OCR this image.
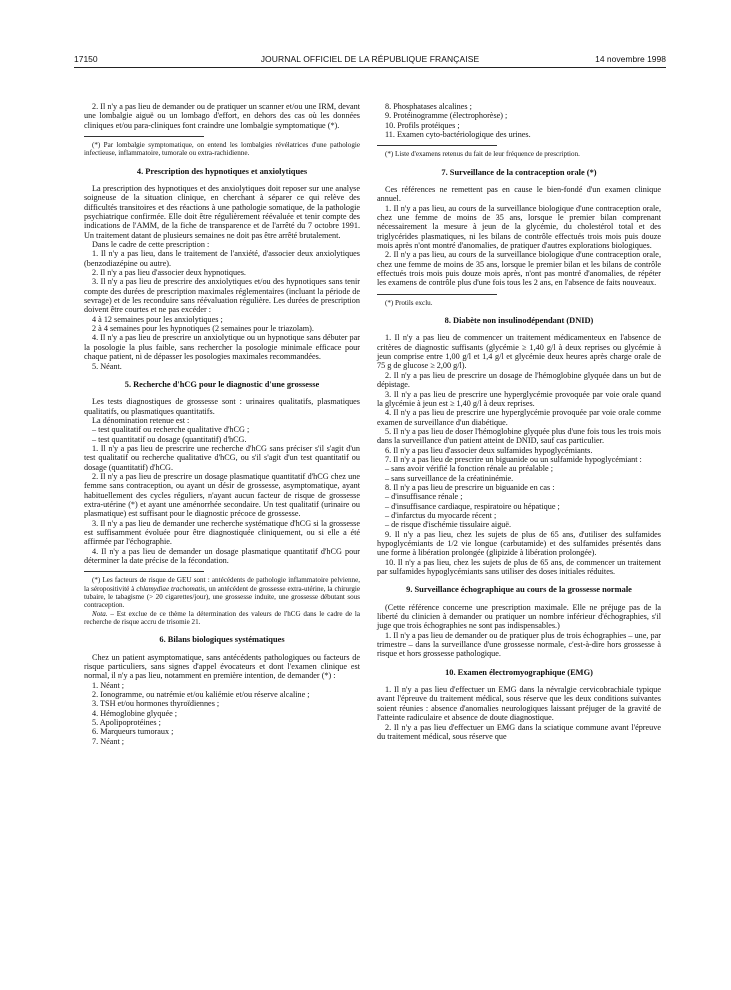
17150	JOURNAL OFFICIEL DE LA RÉPUBLIQUE FRANÇAISE	14 novembre 1998

2. Il n'y a pas lieu de demander ou de pratiquer un scanner et/ou une IRM, devant une lombalgie aiguë ou un lombago d'effort, en dehors des cas où les données cliniques et/ou para-cliniques font craindre une lombalgie symptomatique (*).

(*) Par lombalgie symptomatique, on entend les lombalgies révélatrices d'une pathologie infectieuse, inflammatoire, tumorale ou extra-rachidienne.

4. Prescription des hypnotiques et anxiolytiques

La prescription des hypnotiques et des anxiolytiques doit reposer sur une analyse soigneuse de la situation clinique, en cherchant à séparer ce qui relève des difficultés transitoires et des réactions à une pathologie somatique, de la pathologie psychiatrique confirmée. Elle doit être régulièrement réévaluée et tenir compte des indications de l'AMM, de la fiche de transparence et de l'arrêté du 7 octobre 1991. Un traitement datant de plusieurs semaines ne doit pas être arrêté brutalement.

Dans le cadre de cette prescription :

1. Il n'y a pas lieu, dans le traitement de l'anxiété, d'associer deux anxiolytiques (benzodiazépine ou autre).

2. Il n'y a pas lieu d'associer deux hypnotiques.

3. Il n'y a pas lieu de prescrire des anxiolytiques et/ou des hypnotiques sans tenir compte des durées de prescription maximales réglementaires (incluant la période de sevrage) et de les reconduire sans réévaluation régulière. Les durées de prescription doivent être courtes et ne pas excéder :

4 à 12 semaines pour les anxiolytiques ;

2 à 4 semaines pour les hypnotiques (2 semaines pour le triazolam).

4. Il n'y a pas lieu de prescrire un anxiolytique ou un hypnotique sans débuter par la posologie la plus faible, sans rechercher la posologie minimale efficace pour chaque patient, ni de dépasser les posologies maximales recommandées.

5. Néant.

5. Recherche d'hCG pour le diagnostic d'une grossesse

Les tests diagnostiques de grossesse sont : urinaires qualitatifs, plasmatiques qualitatifs, ou plasmatiques quantitatifs.

La dénomination retenue est :

– test qualitatif ou recherche qualitative d'hCG ;

– test quantitatif ou dosage (quantitatif) d'hCG.

1. Il n'y a pas lieu de prescrire une recherche d'hCG sans préciser s'il s'agit d'un test qualitatif ou recherche qualitative d'hCG, ou s'il s'agit d'un test quantitatif ou dosage (quantitatif) d'hCG.

2. Il n'y a pas lieu de prescrire un dosage plasmatique quantitatif d'hCG chez une femme sans contraception, ou ayant un désir de grossesse, asymptomatique, ayant habituellement des cycles réguliers, n'ayant aucun facteur de risque de grossesse extra-utérine (*) et ayant une aménorrhée secondaire. Un test qualitatif (urinaire ou plasmatique) est suffisant pour le diagnostic précoce de grossesse.

3. Il n'y a pas lieu de demander une recherche systématique d'hCG si la grossesse est suffisamment évoluée pour être diagnostiquée cliniquement, ou si elle a été affirmée par l'échographie.

4. Il n'y a pas lieu de demander un dosage plasmatique quantitatif d'hCG pour déterminer la date précise de la fécondation.

(*) Les facteurs de risque de GEU sont : antécédents de pathologie inflammatoire pelvienne, la séropositivité à chlamydiae trachomatis, un antécédent de grossesse extra-utérine, la chirurgie tubaire, le tabagisme (> 20 cigarettes/jour), une grossesse induite, une grossesse débutant sous contraception.

Nota. – Est exclue de ce thème la détermination des valeurs de l'hCG dans le cadre de la recherche de risque accru de trisomie 21.

6. Bilans biologiques systématiques

Chez un patient asymptomatique, sans antécédents pathologiques ou facteurs de risque particuliers, sans signes d'appel évocateurs et dont l'examen clinique est normal, il n'y a pas lieu, notamment en première intention, de demander (*) :

1. Néant ;

2. Ionogramme, ou natrémie et/ou kaliémie et/ou réserve alcaline ;

3. TSH et/ou hormones thyroïdiennes ;

4. Hémoglobine glyquée ;

5. Apolipoprotéines ;

6. Marqueurs tumoraux ;

7. Néant ;

8. Phosphatases alcalines ;

9. Protéinogramme (électrophorèse) ;

10. Profils protéiques ;

11. Examen cyto-bactériologique des urines.

(*) Liste d'examens retenus du fait de leur fréquence de prescription.

7. Surveillance de la contraception orale (*)

Ces références ne remettent pas en cause le bien-fondé d'un examen clinique annuel.

1. Il n'y a pas lieu, au cours de la surveillance biologique d'une contraception orale, chez une femme de moins de 35 ans, lorsque le premier bilan comprenant nécessairement la mesure à jeun de la glycémie, du cholestérol total et des triglycérides plasmatiques, ni les bilans de contrôle effectués trois mois puis douze mois après n'ont montré d'anomalies, de pratiquer d'autres explorations biologiques.

2. Il n'y a pas lieu, au cours de la surveillance biologique d'une contraception orale, chez une femme de moins de 35 ans, lorsque le premier bilan et les bilans de contrôle effectués trois mois puis douze mois après, n'ont pas montré d'anomalies, de répéter les examens de contrôle plus d'une fois tous les 2 ans, en l'absence de faits nouveaux.

(*) Protils exclu.

8. Diabète non insulinodépendant (DNID)

1. Il n'y a pas lieu de commencer un traitement médicamenteux en l'absence de critères de diagnostic suffisants (glycémie ≥ 1,40 g/l à deux reprises ou glycémie à jeun comprise entre 1,00 g/l et 1,4 g/l et glycémie deux heures après charge orale de 75 g de glucose ≥ 2,00 g/l).

2. Il n'y a pas lieu de prescrire un dosage de l'hémoglobine glyquée dans un but de dépistage.

3. Il n'y a pas lieu de prescrire une hyperglycémie provoquée par voie orale quand la glycémie à jeun est ≥ 1,40 g/l à deux reprises.

4. Il n'y a pas lieu de prescrire une hyperglycémie provoquée par voie orale comme examen de surveillance d'un diabétique.

5. Il n'y a pas lieu de doser l'hémoglobine glyquée plus d'une fois tous les trois mois dans la surveillance d'un patient atteint de DNID, sauf cas particulier.

6. Il n'y a pas lieu d'associer deux sulfamides hypoglycémiants.

7. Il n'y a pas lieu de prescrire un biguanide ou un sulfamide hypoglycémiant :

– sans avoir vérifié la fonction rénale au préalable ;

– sans surveillance de la créatininémie.

8. Il n'y a pas lieu de prescrire un biguanide en cas :

– d'insuffisance rénale ;

– d'insuffisance cardiaque, respiratoire ou hépatique ;

– d'infarctus du myocarde récent ;

– de risque d'ischémie tissulaire aiguë.

9. Il n'y a pas lieu, chez les sujets de plus de 65 ans, d'utiliser des sulfamides hypoglycémiants de 1/2 vie longue (carbutamide) et des sulfamides présentés dans une forme à libération prolongée (glipizide à libération prolongée).

10. Il n'y a pas lieu, chez les sujets de plus de 65 ans, de commencer un traitement par sulfamides hypoglycémiants sans utiliser des doses initiales réduites.

9. Surveillance échographique au cours de la grossesse normale

(Cette référence concerne une prescription maximale. Elle ne préjuge pas de la liberté du clinicien à demander ou pratiquer un nombre inférieur d'échographies, s'il juge que trois échographies ne sont pas indispensables.)

1. Il n'y a pas lieu de demander ou de pratiquer plus de trois échographies – une, par trimestre – dans la surveillance d'une grossesse normale, c'est-à-dire hors grossesse à risque et hors grossesse pathologique.

10. Examen électromyographique (EMG)

1. Il n'y a pas lieu d'effectuer un EMG dans la névralgie cervicobrachiale typique avant l'épreuve du traitement médical, sous réserve que les deux conditions suivantes soient réunies : absence d'anomalies neurologiques laissant préjuger de la gravité de l'atteinte radiculaire et absence de doute diagnostique.

2. Il n'y a pas lieu d'effectuer un EMG dans la sciatique commune avant l'épreuve du traitement médical, sous réserve que
